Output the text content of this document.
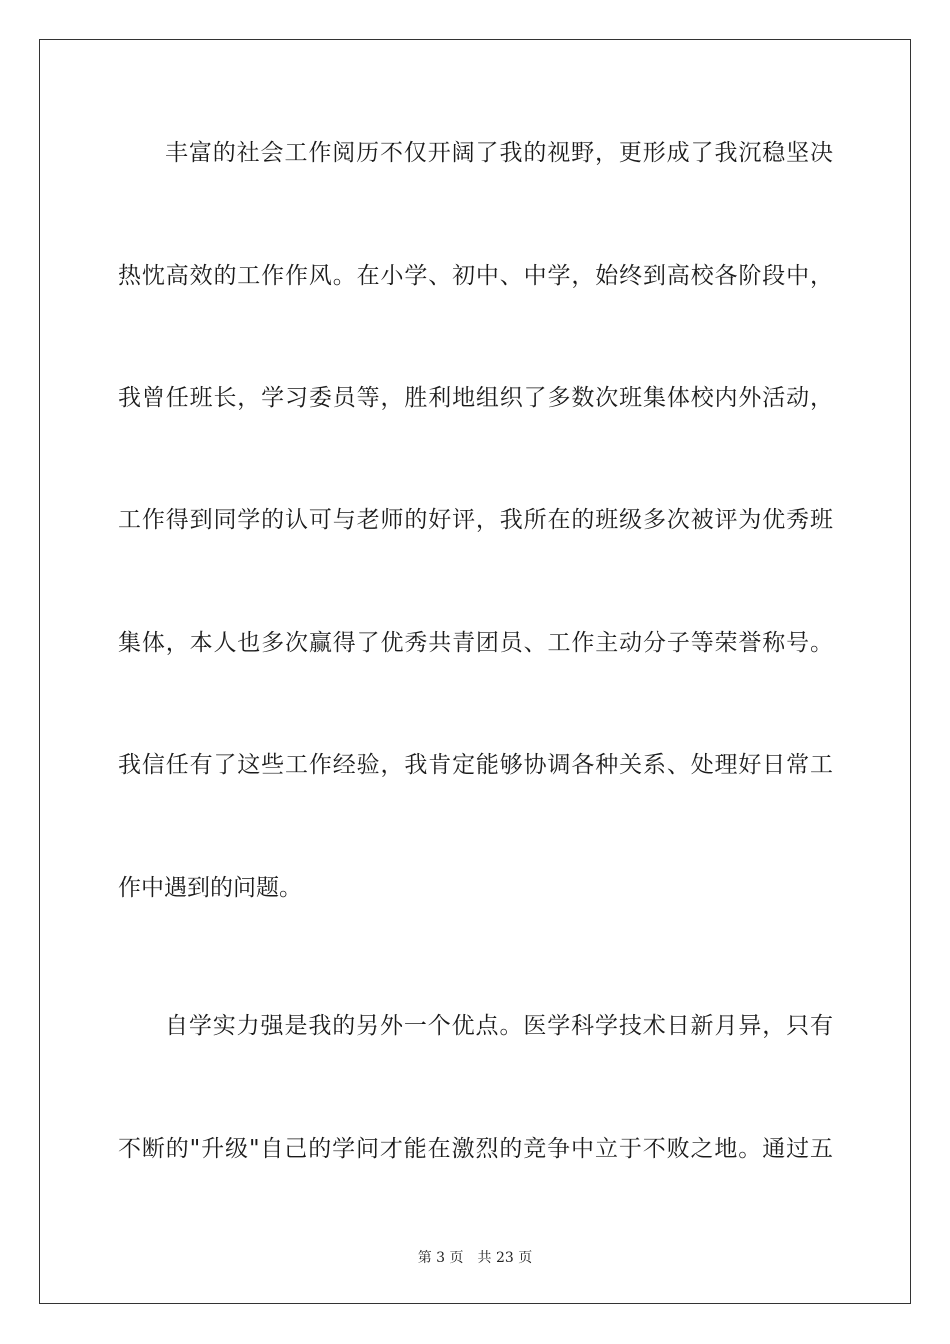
丰富的社会工作阅历不仅开阔了我的视野，更形成了我沉稳坚决
热忱高效的工作作风。在小学、初中、中学，始终到高校各阶段中，
我曾任班长，学习委员等，胜利地组织了多数次班集体校内外活动，
工作得到同学的认可与老师的好评，我所在的班级多次被评为优秀班
集体，本人也多次赢得了优秀共青团员、工作主动分子等荣誉称号。
我信任有了这些工作经验，我肯定能够协调各种关系、处理好日常工
作中遇到的问题。
自学实力强是我的另外一个优点。医学科学技术日新月异，只有
不断的"升级"自己的学问才能在激烈的竞争中立于不败之地。通过五
第 3 页 共 23 页
